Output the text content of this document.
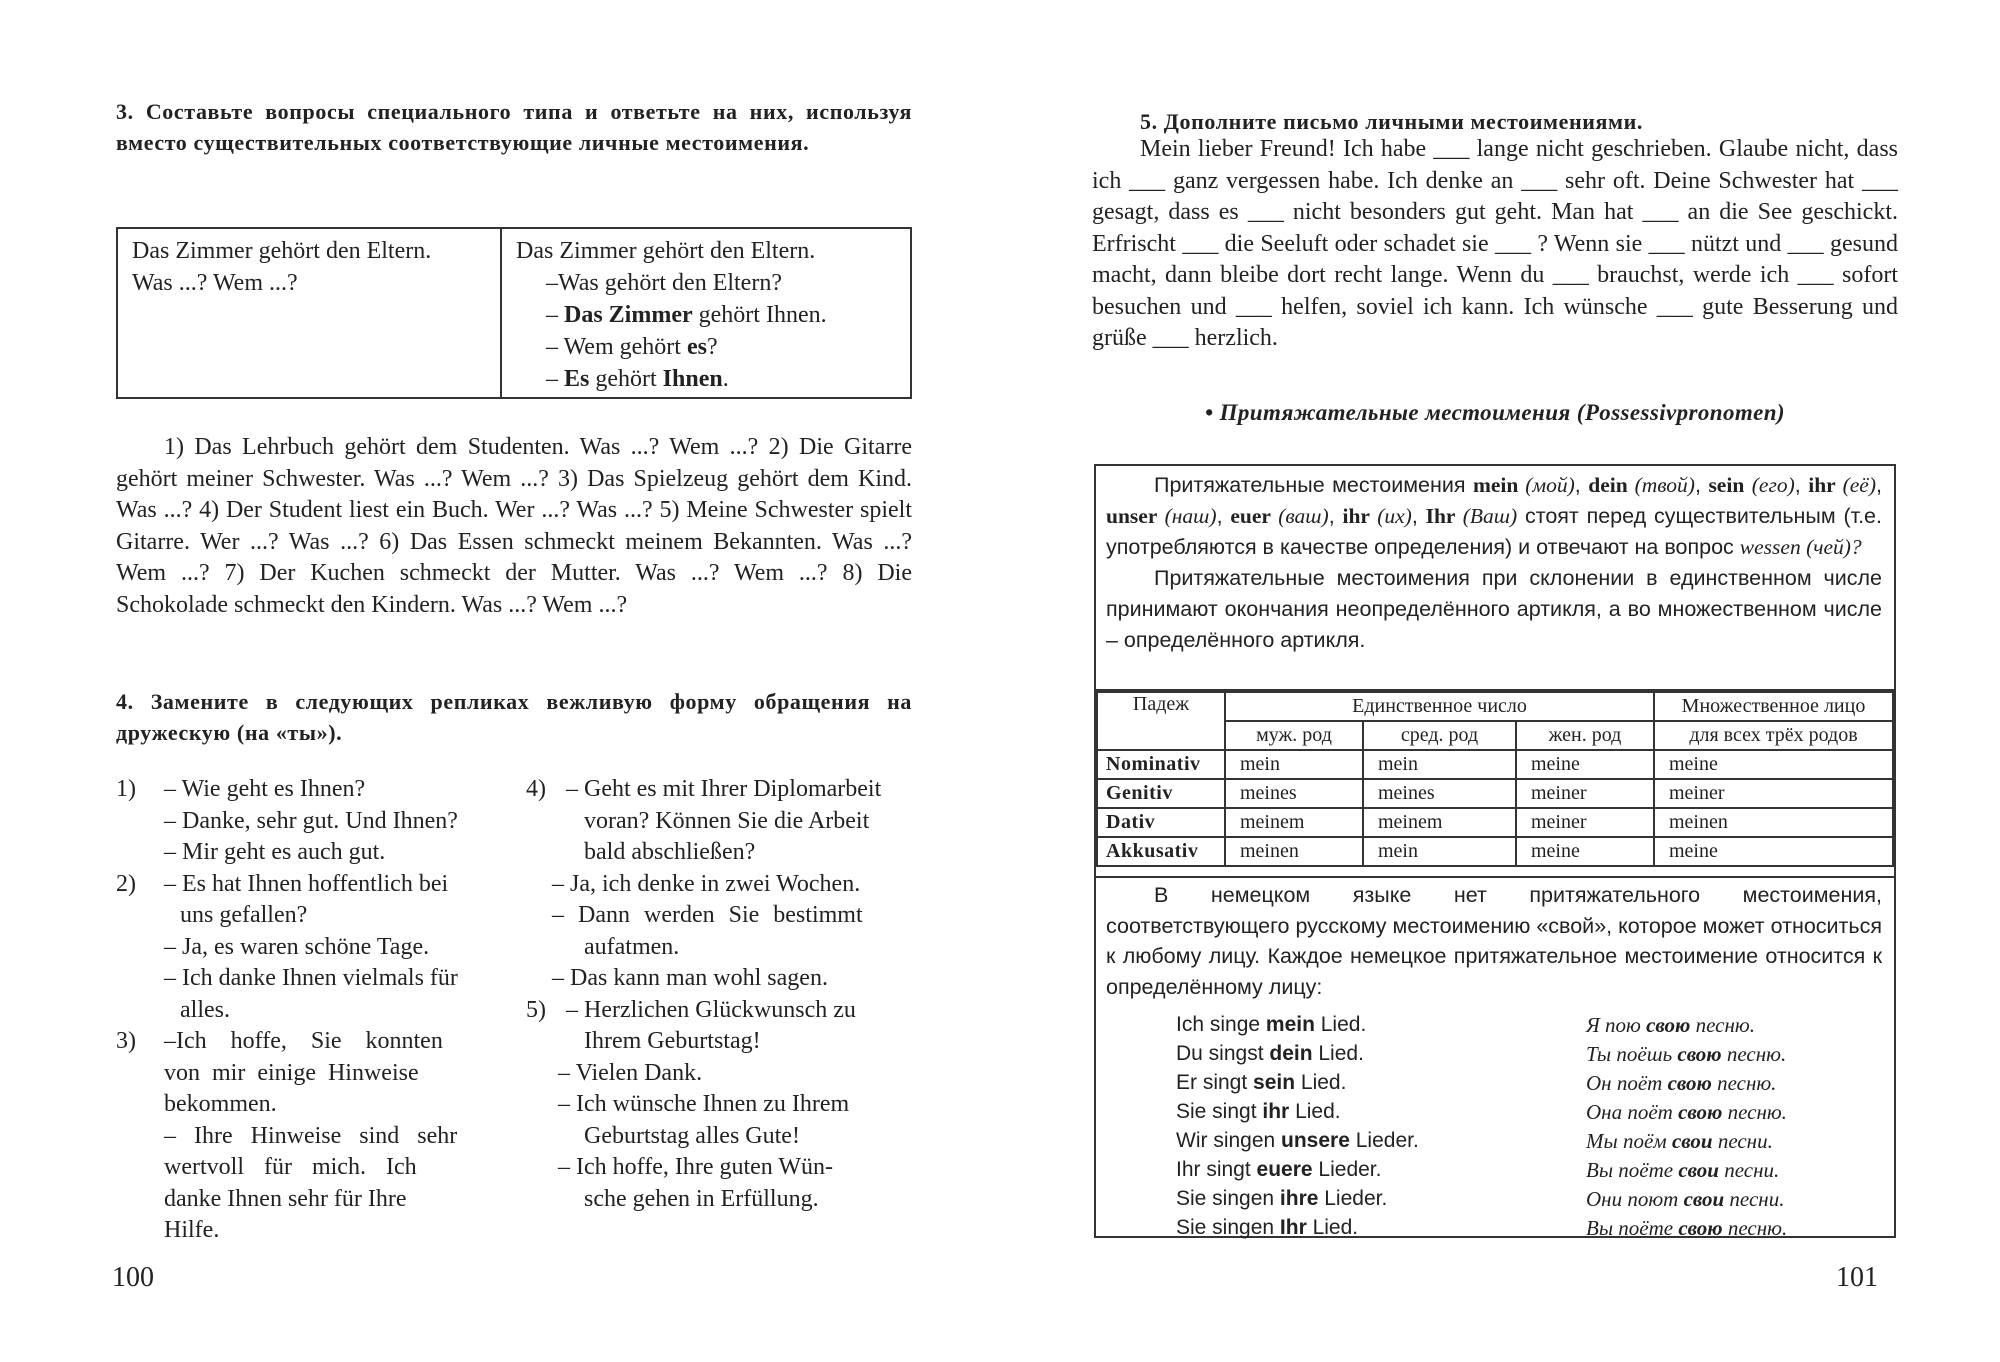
3. Составьте вопросы специального типа и ответьте на них, используя вместо существительных соответствующие личные местоимения.
Das Zimmer gehört den Eltern.
Was ...? Wem ...?
Das Zimmer gehört den Eltern.
–Was gehört den Eltern?
– Das Zimmer gehört Ihnen.
– Wem gehört es?
– Es gehört Ihnen.
1) Das Lehrbuch gehört dem Studenten. Was ...? Wem ...? 2) Die Gitarre gehört meiner Schwester. Was ...? Wem ...? 3) Das Spielzeug gehört dem Kind. Was ...? 4) Der Student liest ein Buch. Wer ...? Was ...? 5) Meine Schwester spielt Gitarre. Wer ...? Was ...? 6) Das Essen schmeckt meinem Bekannten. Was ...? Wem ...? 7) Der Kuchen schmeckt der Mutter. Was ...? Wem ...? 8) Die Schokolade schmeckt den Kindern. Was ...? Wem ...?
4. Замените в следующих репликах вежливую форму обращения на дружескую (на «ты»).
1)	– Wie geht es Ihnen?
– Danke, sehr gut. Und Ihnen?
– Mir geht es auch gut.
2)	– Es hat Ihnen hoffentlich bei
uns gefallen?
– Ja, es waren schöne Tage.
– Ich danke Ihnen vielmals für
alles.
3)	–Ich hoffe, Sie konnten
von mir einige Hinweise
bekommen.
– Ihre Hinweise sind sehr
wertvoll für mich. Ich
danke Ihnen sehr für Ihre
Hilfe.
4) – Geht es mit Ihrer Diplomarbeit
voran? Können Sie die Arbeit
bald abschließen?
– Ja, ich denke in zwei Wochen.
– Dann werden Sie bestimmt
aufatmen.
– Das kann man wohl sagen.
5) – Herzlichen Glückwunsch zu
Ihrem Geburtstag!
– Vielen Dank.
– Ich wünsche Ihnen zu Ihrem
Geburtstag alles Gute!
– Ich hoffe, Ihre guten Wün-
sche gehen in Erfüllung.
100
5. Дополните письмо личными местоимениями.
Mein lieber Freund! Ich habe ___ lange nicht geschrieben. Glaube nicht, dass ich ___ ganz vergessen habe. Ich denke an ___ sehr oft. Deine Schwester hat ___ gesagt, dass es ___ nicht besonders gut geht. Man hat ___ an die See geschickt. Erfrischt ___ die Seeluft oder schadet sie ___ ? Wenn sie ___ nützt und ___ gesund macht, dann bleibe dort recht lange. Wenn du ___ brauchst, werde ich ___ sofort besuchen und ___ helfen, soviel ich kann. Ich wünsche ___ gute Besserung und grüße ___ herzlich.
• Притяжательные местоимения (Possessivpronomen)
Притяжательные местоимения mein (мой), dein (твой), sein (его), ihr (её), unser (наш), euer (ваш), ihr (их), Ihr (Ваш) стоят перед существительным (т.е. употребляются в качестве определения) и отвечают на вопрос wessen (чей)?
Притяжательные местоимения при склонении в единственном числе принимают окончания неопределённого артикля, а во множественном числе – определённого артикля.
Падеж	Единственное число			Множественное лицо
	муж. род	сред. род	жен. род	для всех трёх родов
Nominativ	mein	mein	meine	meine
Genitiv	meines	meines	meiner	meiner
Dativ	meinem	meinem	meiner	meinen
Akkusativ	meinen	mein	meine	meine
В немецком языке нет притяжательного местоимения, соответствующего русскому местоимению «свой», которое может относиться к любому лицу. Каждое немецкое притяжательное местоимение относится к определённому лицу:
Ich singe mein Lied.	Я пою свою песню.
Du singst dein Lied.	Ты поёшь свою песню.
Er singt sein Lied.	Он поёт свою песню.
Sie singt ihr Lied.	Она поёт свою песню.
Wir singen unsere Lieder.	Мы поём свои песни.
Ihr singt euere Lieder.	Вы поёте свои песни.
Sie singen ihre Lieder.	Они поют свои песни.
Sie singen Ihr Lied.	Вы поёте свою песню.
101
